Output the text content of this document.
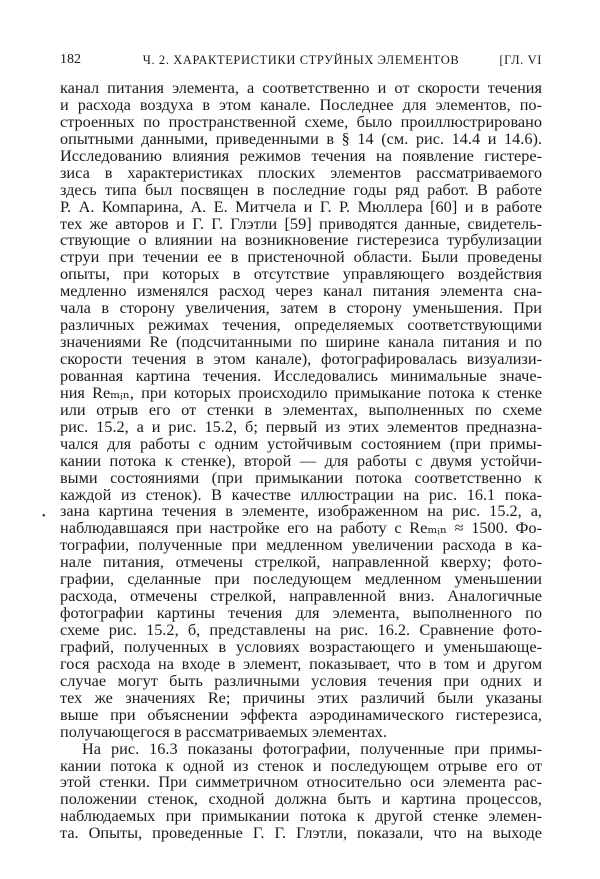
Ч. 2. ХАРАКТЕРИСТИКИ СТРУЙНЫХ ЭЛЕМЕНТОВ
182	[ГЛ. VI
•
канал питания элемента, а соответственно и от скорости течения
и расхода воздуха в этом канале. Последнее для элементов, по-
строенных по пространственной схеме, было проиллюстрировано
опытными данными, приведенными в § 14 (см. рис. 14.4 и 14.6).
Исследованию влияния режимов течения на появление гистере-
зиса в характеристиках плоских элементов рассматриваемого
здесь типа был посвящен в последние годы ряд работ. В работе
Р. А. Компарина, А. Е. Митчела и Г. Р. Мюллера [60] и в работе
тех же авторов и Г. Г. Глэтли [59] приводятся данные, свидетель-
ствующие о влиянии на возникновение гистерезиса турбулизации
струи при течении ее в пристеночной области. Были проведены
опыты, при которых в отсутствие управляющего воздействия
медленно изменялся расход через канал питания элемента сна-
чала в сторону увеличения, затем в сторону уменьшения. При
различных режимах течения, определяемых соответствующими
значениями Re (подсчитанными по ширине канала питания и по
скорости течения в этом канале), фотографировалась визуализи-
рованная картина течения. Исследовались минимальные значе-
ния Reₘᵢₙ, при которых происходило примыкание потока к стенке
или отрыв его от стенки в элементах, выполненных по схеме
рис. 15.2, а и рис. 15.2, б; первый из этих элементов предназна-
чался для работы с одним устойчивым состоянием (при примы-
кании потока к стенке), второй — для работы с двумя устойчи-
выми состояниями (при примыкании потока соответственно к
каждой из стенок). В качестве иллюстрации на рис. 16.1 пока-
зана картина течения в элементе, изображенном на рис. 15.2, а,
наблюдавшаяся при настройке его на работу с Reₘᵢₙ ≈ 1500. Фо-
тографии, полученные при медленном увеличении расхода в ка-
нале питания, отмечены стрелкой, направленной кверху; фото-
графии, сделанные при последующем медленном уменьшении
расхода, отмечены стрелкой, направленной вниз. Аналогичные
фотографии картины течения для элемента, выполненного по
схеме рис. 15.2, б, представлены на рис. 16.2. Сравнение фото-
графий, полученных в условиях возрастающего и уменьшающе-
гося расхода на входе в элемент, показывает, что в том и другом
случае могут быть различными условия течения при одних и
тех же значениях Re; причины этих различий были указаны
выше при объяснении эффекта аэродинамического гистерезиса,
получающегося в рассматриваемых элементах.
На рис. 16.3 показаны фотографии, полученные при примы-
кании потока к одной из стенок и последующем отрыве его от
этой стенки. При симметричном относительно оси элемента рас-
положении стенок, сходной должна быть и картина процессов,
наблюдаемых при примыкании потока к другой стенке элемен-
та. Опыты, проведенные Г. Г. Глэтли, показали, что на выходе
